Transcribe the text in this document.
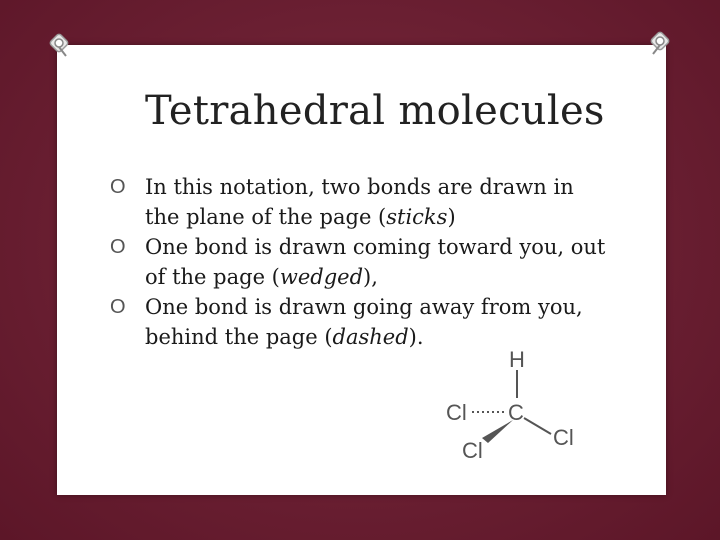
Tetrahedral molecules
O In this notation, two bonds are drawn in the plane of the page (sticks)
O One bond is drawn coming toward you, out of the page (wedged),
O One bond is drawn going away from you, behind the page (dashed).
H
C
Cl
Cl
Cl
